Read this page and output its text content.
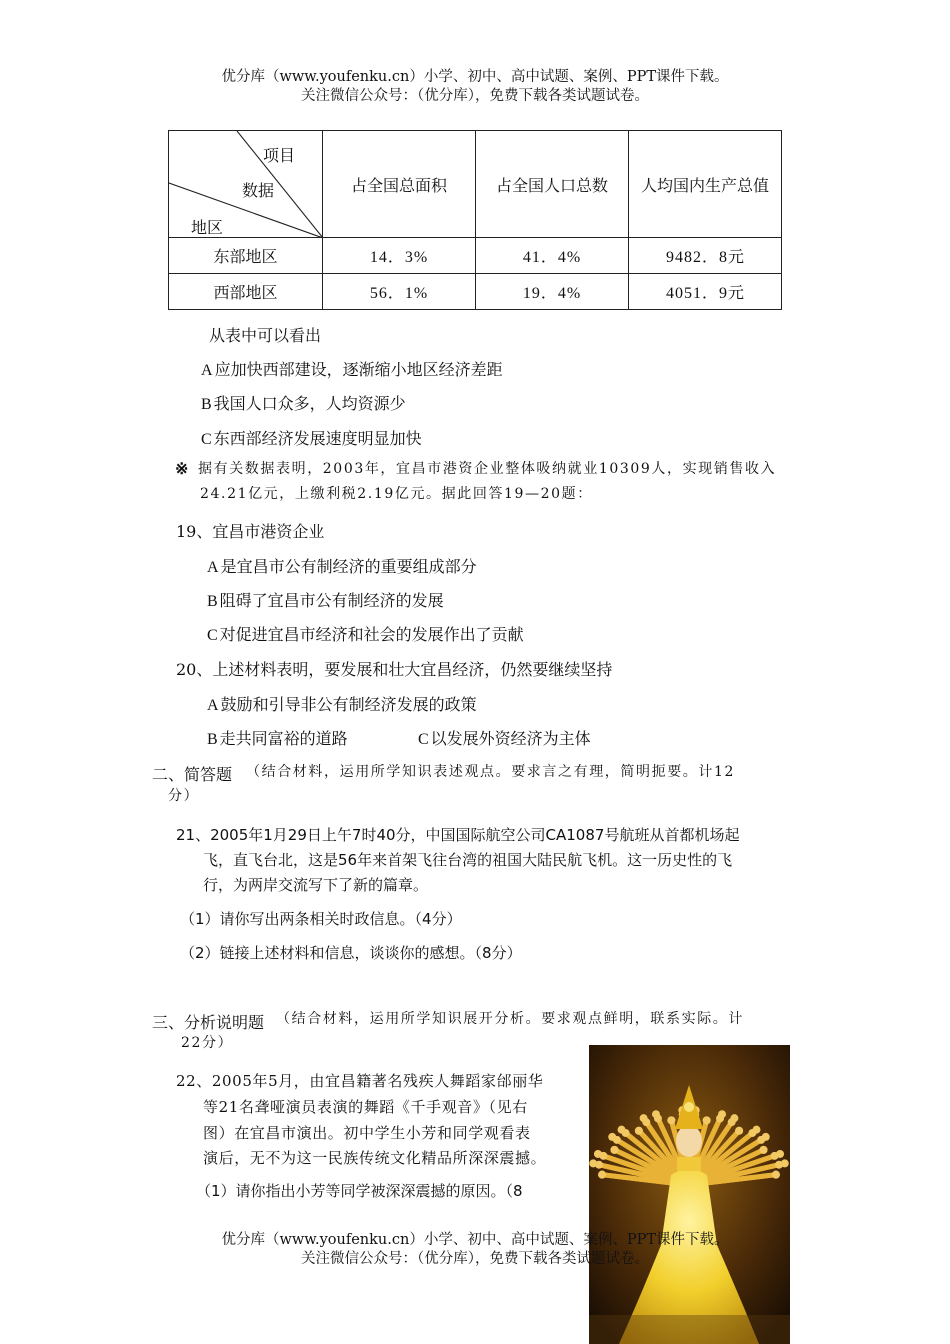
优分库（www.youfenku.cn）小学、初中、高中试题、案例、PPT课件下载。
关注微信公众号：（优分库），免费下载各类试题试卷。
项目
数据
地区	占全国总面积	占全国人口总数	人均国内生产总值
东部地区	14．3%	41．4%	9482．8元
西部地区	56．1%	19．4%	4051．9元
从表中可以看出
A 应加快西部建设，逐渐缩小地区经济差距
B 我国人口众多，人均资源少
C 东西部经济发展速度明显加快
※ 据有关数据表明，2003年，宜昌市港资企业整体吸纳就业10309人，实现销售收入
24.21亿元，上缴利税2.19亿元。据此回答19—20题：
19、宜昌市港资企业
A 是宜昌市公有制经济的重要组成部分
B 阻碍了宜昌市公有制经济的发展
C 对促进宜昌市经济和社会的发展作出了贡献
20、上述材料表明，要发展和壮大宜昌经济，仍然要继续坚持
A 鼓励和引导非公有制经济发展的政策
B 走共同富裕的道路	C 以发展外资经济为主体
二、简答题 （结合材料，运用所学知识表述观点。要求言之有理，简明扼要。计12
分）
21、2005年1月29日上午7时40分，中国国际航空公司CA1087号航班从首都机场起
飞，直飞台北，这是56年来首架飞往台湾的祖国大陆民航飞机。这一历史性的飞
行，为两岸交流写下了新的篇章。
（1）请你写出两条相关时政信息。（4分）
（2）链接上述材料和信息，谈谈你的感想。（8分）
三、分析说明题 （结合材料，运用所学知识展开分析。要求观点鲜明，联系实际。计
22分）
22、2005年5月，由宜昌籍著名残疾人舞蹈家邰丽华
等21名聋哑演员表演的舞蹈《千手观音》（见右
图）在宜昌市演出。初中学生小芳和同学观看表
演后，无不为这一民族传统文化精品所深深震撼。
（1）请你指出小芳等同学被深深震撼的原因。（8
优分库（www.youfenku.cn）小学、初中、高中试题、案例、PPT课件下载。
关注微信公众号：（优分库），免费下载各类试题试卷。
